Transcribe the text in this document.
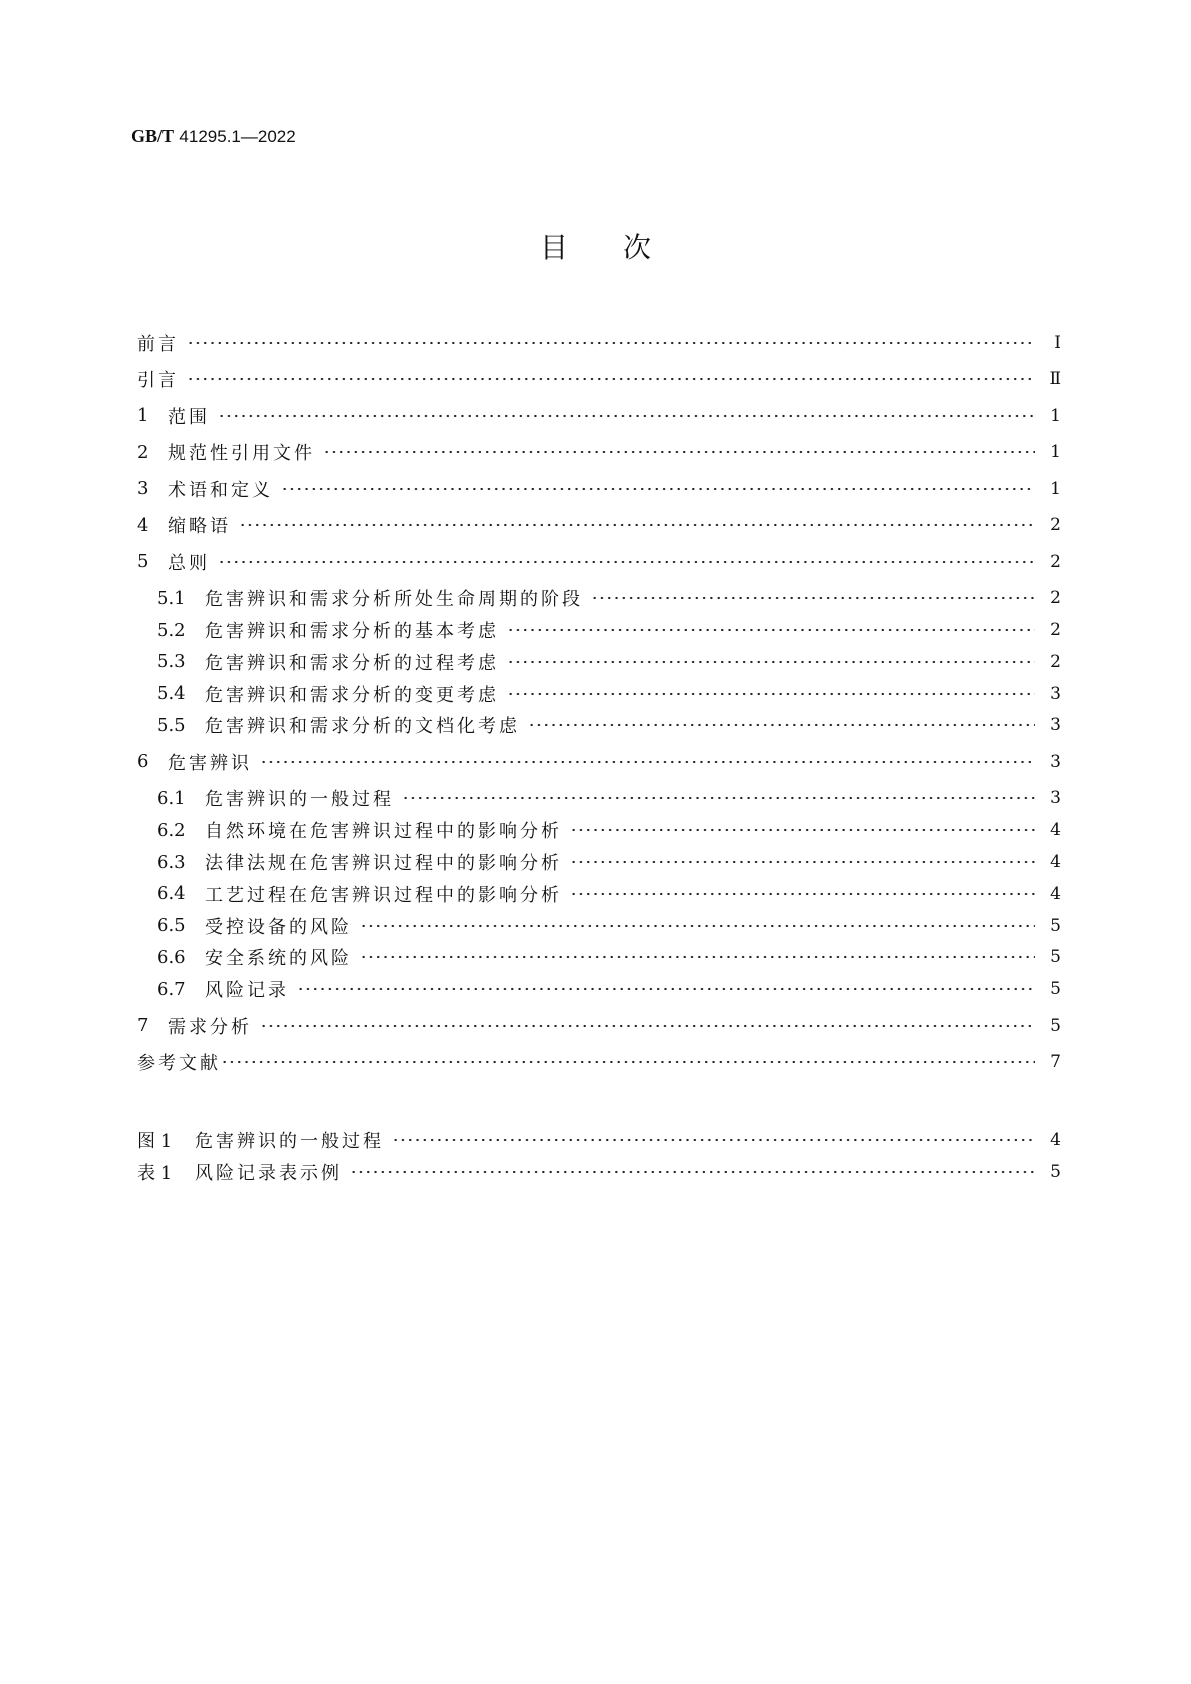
GB/T 41295.1—2022
目次
前言	Ⅰ
引言	Ⅱ
1	范围	1
2	规范性引用文件	1
3	术语和定义	1
4	缩略语	2
5	总则	2
5.1	危害辨识和需求分析所处生命周期的阶段	2
5.2	危害辨识和需求分析的基本考虑	2
5.3	危害辨识和需求分析的过程考虑	2
5.4	危害辨识和需求分析的变更考虑	3
5.5	危害辨识和需求分析的文档化考虑	3
6	危害辨识	3
6.1	危害辨识的一般过程	3
6.2	自然环境在危害辨识过程中的影响分析	4
6.3	法律法规在危害辨识过程中的影响分析	4
6.4	工艺过程在危害辨识过程中的影响分析	4
6.5	受控设备的风险	5
6.6	安全系统的风险	5
6.7	风险记录	5
7	需求分析	5
参考文献	7
图 1	危害辨识的一般过程	4
表 1	风险记录表示例	5
